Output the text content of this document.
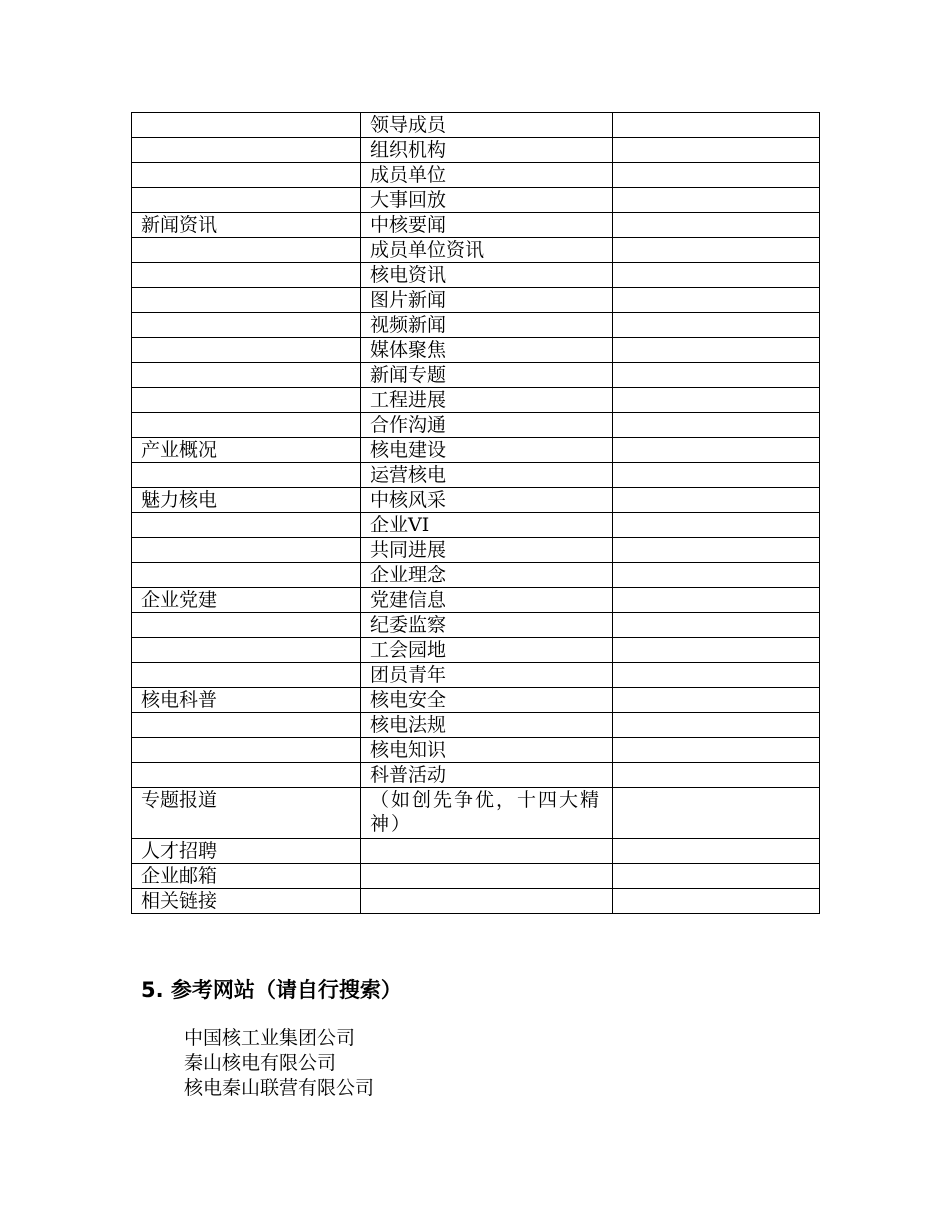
	领导成员	
	组织机构	
	成员单位	
	大事回放	
新闻资讯	中核要闻	
	成员单位资讯	
	核电资讯	
	图片新闻	
	视频新闻	
	媒体聚焦	
	新闻专题	
	工程进展	
	合作沟通	
产业概况	核电建设	
	运营核电	
魅力核电	中核风采	
	企业VI	
	共同进展	
	企业理念	
企业党建	党建信息	
	纪委监察	
	工会园地	
	团员青年	
核电科普	核电安全	
	核电法规	
	核电知识	
	科普活动	
专题报道	（如创先争优，十四大精神）	
人才招聘		
企业邮箱		
相关链接		
5. 参考网站（请自行搜索）
中国核工业集团公司
秦山核电有限公司
核电秦山联营有限公司
